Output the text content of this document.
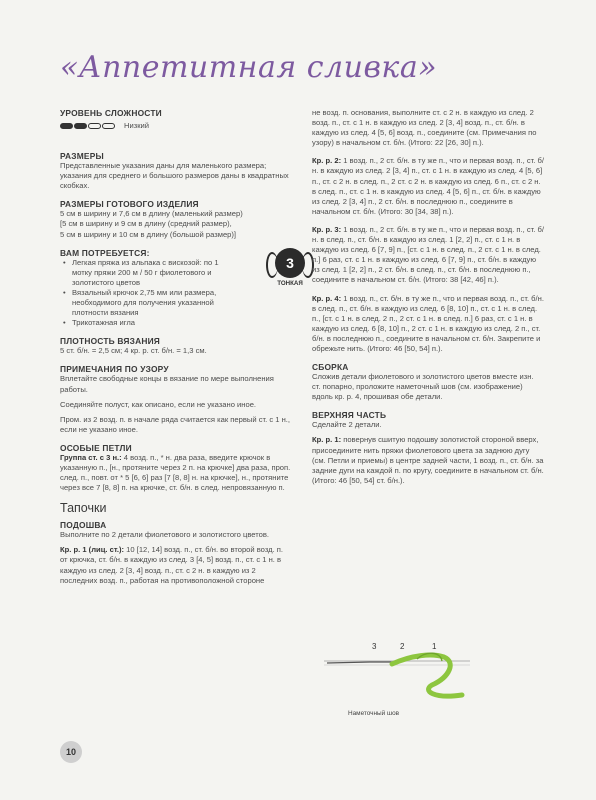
«Аппетитная сливка»
УРОВЕНЬ СЛОЖНОСТИ
Низкий
РАЗМЕРЫ

Представленные указания даны для маленького размера; указания для среднего и большого размеров даны в квадратных скобках.

РАЗМЕРЫ ГОТОВОГО ИЗДЕЛИЯ

5 см в ширину и 7,6 см в длину (маленький размер)

[5 см в ширину и 9 см в длину (средний размер),

5 см в ширину и 10 см в длину (большой размер)]

ВАМ ПОТРЕБУЕТСЯ:
• Легкая пряжа из альпака с вискозой: по 1 мотку пряжи 200 м / 50 г фиолетового и золотистого цветов
• Вязальный крючок 2,75 мм или размера, необходимого для получения указанной плотности вязания
• Трикотажная игла
3
ТОНКАЯ
ПЛОТНОСТЬ ВЯЗАНИЯ

5 ст. б/н. = 2,5 см; 4 кр. р. ст. б/н. = 1,3 см.

ПРИМЕЧАНИЯ ПО УЗОРУ

Вплетайте свободные концы в вязание по мере выполнения работы.

Соединяйте полуст, как описано, если не указано иное.

Пром. из 2 возд. п. в начале ряда считается как первый ст. с 1 н., если не указано иное.

ОСОБЫЕ ПЕТЛИ

Группа ст. с 3 н.: 4 возд. п., * н. два раза, введите крючок в указанную п., [н., протяните через 2 п. на крючке] два раза, проп. след. п., повт. от * 5 [6, 6] раз [7 [8, 8] н. на крючке], н., протяните через все 7 [8, 8] п. на крючке, ст. б/н. в след. непровязанную п.

Тапочки
ПОДОШВА

Выполните по 2 детали фиолетового и золотистого цветов.

Кр. р. 1 (лиц. ст.): 10 [12, 14] возд. п., ст. б/н. во второй возд. п. от крючка, ст. б/н. в каждую из след. 3 [4, 5] возд. п., ст. с 1 н. в каждую из след. 2 [3, 4] возд. п., ст. с 2 н. в каждую из 2 последних возд. п., работая на противоположной стороне

не возд. п. основания, выполните ст. с 2 н. в каждую из след. 2 возд. п., ст. с 1 н. в каждую из след. 2 [3, 4] возд. п., ст. б/н. в каждую из след. 4 [5, 6] возд. п., соедините (см. Примечания по узору) в начальном ст. б/н. (Итого: 22 [26, 30] п.).

Кр. р. 2: 1 возд. п., 2 ст. б/н. в ту же п., что и первая возд. п., ст. б/н. в каждую из след. 2 [3, 4] п., ст. с 1 н. в каждую из след. 4 [5, 6] п., ст. с 2 н. в след. п., 2 ст. с 2 н. в каждую из след. 6 п., ст. с 2 н. в след. п., ст. с 1 н. в каждую из след. 4 [5, 6] п., ст. б/н. в каждую из след. 2 [3, 4] п., 2 ст. б/н. в последнюю п., соедините в начальном ст. б/н. (Итого: 30 [34, 38] п.).

Кр. р. 3: 1 возд. п., 2 ст. б/н. в ту же п., что и первая возд. п., ст. б/н. в след. п., ст. б/н. в каждую из след. 1 [2, 2] п., ст. с 1 н. в каждую из след. 6 [7, 9] п., [ст. с 1 н. в след. п., 2 ст. с 1 н. в след. п.] 6 раз, ст. с 1 н. в каждую из след. 6 [7, 9] п., ст. б/н. в каждую из след. 1 [2, 2] п., 2 ст. б/н. в след. п., ст. б/н. в последнюю п., соедините в начальном ст. б/н. (Итого: 38 [42, 46] п.).

Кр. р. 4: 1 возд. п., ст. б/н. в ту же п., что и первая возд. п., ст. б/н. в след. п., ст. б/н. в каждую из след. 6 [8, 10] п., ст. с 1 н. в след. п., [ст. с 1 н. в след. 2 п., 2 ст. с 1 н. в след. п.] 6 раз, ст. с 1 н. в каждую из след. 6 [8, 10] п., 2 ст. с 1 н. в каждую из след. 2 п., ст. б/н. в последнюю п., соедините в начальном ст. б/н. Закрепите и обрежьте нить. (Итого: 46 [50, 54] п.).

СБОРКА

Сложив детали фиолетового и золотистого цветов вместе изн. ст. попарно, проложите наметочный шов (см. изображение) вдоль кр. р. 4, прошивая обе детали.

ВЕРХНЯЯ ЧАСТЬ

Сделайте 2 детали.

Кр. р. 1: повернув сшитую подошву золотистой стороной вверх, присоедините нить пряжи фиолетового цвета за заднюю дугу (см. Петли и приемы) в центре задней части, 1 возд. п., ст. б/н. за задние дуги на каждой п. по кругу, соедините в начальном ст. б/н. (Итого: 46 [50, 54] ст. б/н.).

3	2	1
Наметочный шов
10
